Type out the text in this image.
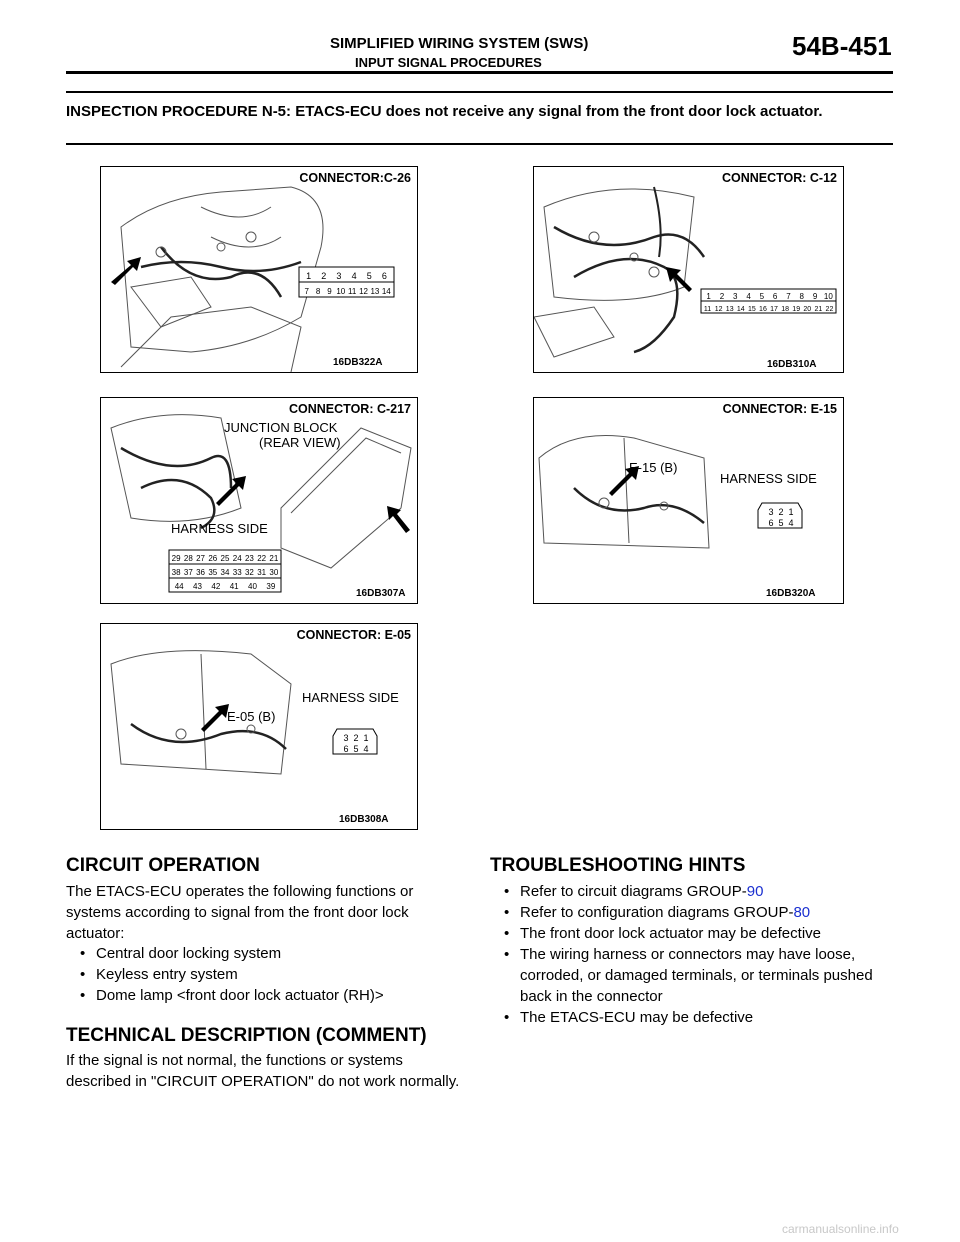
SIMPLIFIED WIRING SYSTEM (SWS)
INPUT SIGNAL PROCEDURES
54B-451
INSPECTION PROCEDURE N-5: ETACS-ECU does not receive any signal from the front door lock actuator.
1 2 3 4 5 6
7 8 9 10 11 12 13 14
CONNECTOR:C-26
16DB322A
1 2 3 4 5 6 7 8 9 10
11 12 13 14 15 16 17 18 19 20 21 22
CONNECTOR: C-12
16DB310A
29 28 27 26 25 24 23 22 21
38 37 36 35 34 33 32 31 30
44 43 42 41 40 39
CONNECTOR: C-217
JUNCTION BLOCK
(REAR VIEW)
HARNESS SIDE
16DB307A
3 2 1
6 5 4
CONNECTOR: E-15
E-15 (B)
HARNESS SIDE
16DB320A
3 2 1
6 5 4
CONNECTOR: E-05
E-05 (B)
HARNESS SIDE
16DB308A
CIRCUIT OPERATION
The ETACS-ECU operates the following functions or systems according to signal from the front door lock actuator:
• Central door locking system
• Keyless entry system
• Dome lamp <front door lock actuator (RH)>
TECHNICAL DESCRIPTION (COMMENT)
If the signal is not normal, the functions or systems described in "CIRCUIT OPERATION" do not work normally.
TROUBLESHOOTING HINTS
• Refer to circuit diagrams GROUP-90
• Refer to configuration diagrams GROUP-80
• The front door lock actuator may be defective
• The wiring harness or connectors may have loose, corroded, or damaged terminals, or terminals pushed back in the connector
• The ETACS-ECU may be defective
carmanualsonline.info
